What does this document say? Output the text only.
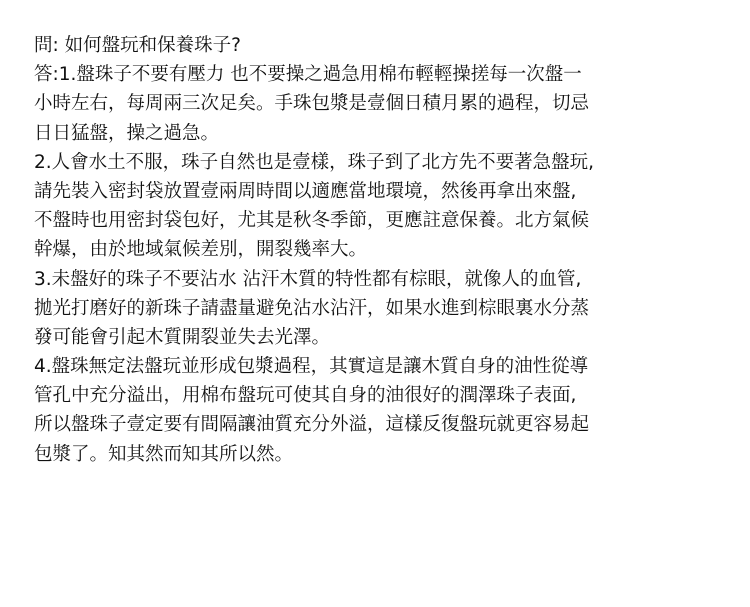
問: 如何盤玩和保養珠子?
答:1.盤珠子不要有壓力 也不要操之過急用棉布輕輕操搓每一次盤一
小時左右，每周兩三次足矣。手珠包漿是壹個日積月累的過程，切忌
日日猛盤，操之過急。
2.人會水土不服，珠子自然也是壹樣，珠子到了北方先不要著急盤玩,
請先裝入密封袋放置壹兩周時間以適應當地環境，然後再拿出來盤,
不盤時也用密封袋包好，尤其是秋冬季節，更應註意保養。北方氣候
幹爆，由於地域氣候差別，開裂幾率大。
3.未盤好的珠子不要沾水 沾汗木質的特性都有棕眼，就像人的血管,
拋光打磨好的新珠子請盡量避免沾水沾汗，如果水進到棕眼裏水分蒸
發可能會引起木質開裂並失去光澤。
4.盤珠無定法盤玩並形成包漿過程，其實這是讓木質自身的油性從導
管孔中充分溢出，用棉布盤玩可使其自身的油很好的潤澤珠子表面,
所以盤珠子壹定要有間隔讓油質充分外溢，這樣反復盤玩就更容易起
包漿了。知其然而知其所以然。
